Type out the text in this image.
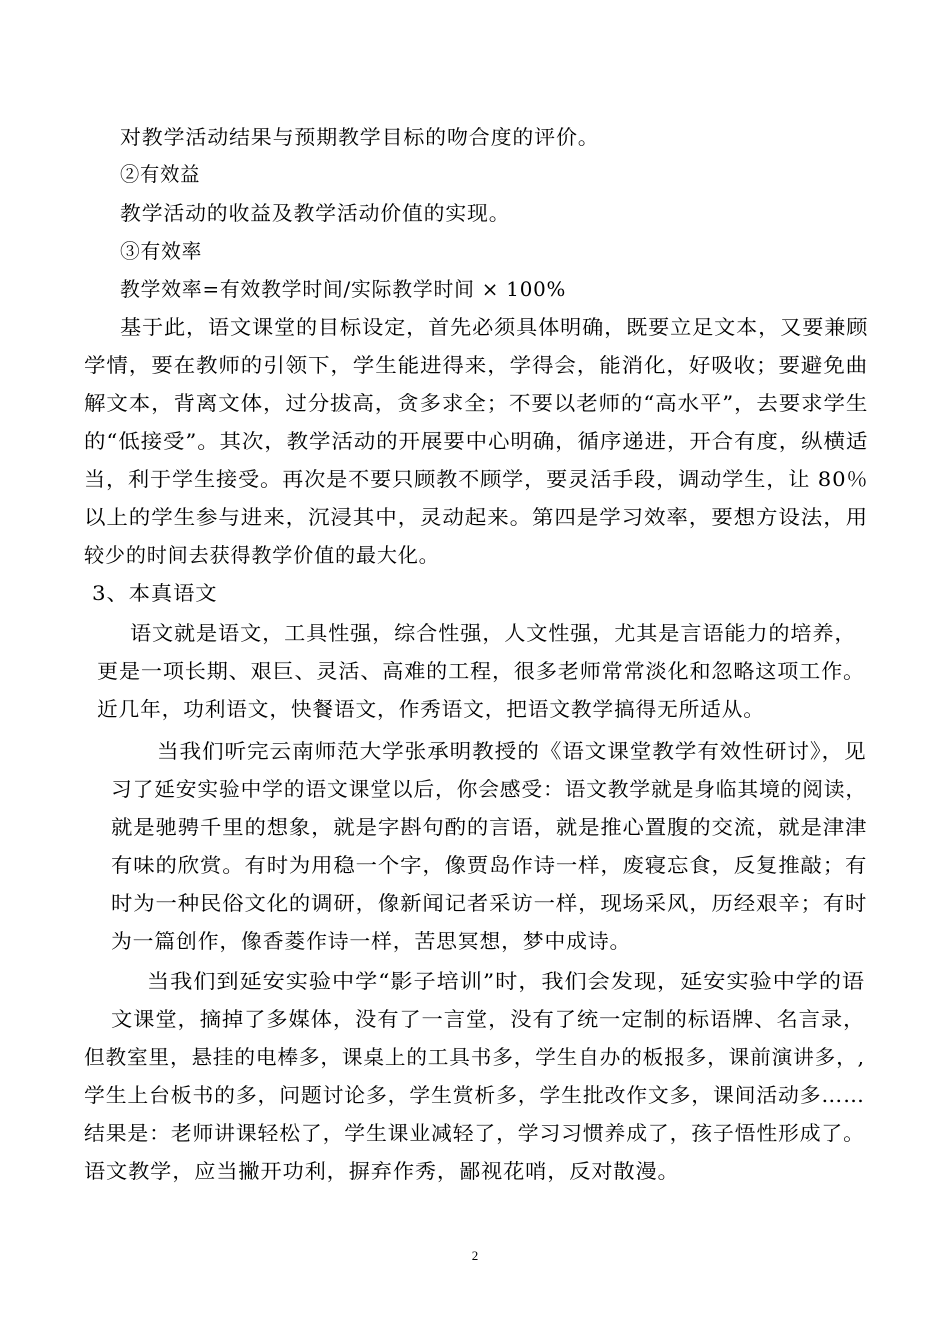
对教学活动结果与预期教学目标的吻合度的评价。
②有效益
教学活动的收益及教学活动价值的实现。
③有效率
教学效率=有效教学时间/实际教学时间 × 100%
基于此，语文课堂的目标设定，首先必须具体明确，既要立足文本，又要兼顾
学情，要在教师的引领下，学生能进得来，学得会，能消化，好吸收；要避免曲
解文本，背离文体，过分拔高，贪多求全；不要以老师的“高水平”，去要求学生
的“低接受”。其次，教学活动的开展要中心明确，循序递进，开合有度，纵横适
当，利于学生接受。再次是不要只顾教不顾学，要灵活手段，调动学生，让 80％
以上的学生参与进来，沉浸其中，灵动起来。第四是学习效率，要想方设法，用
较少的时间去获得教学价值的最大化。
3、本真语文
语文就是语文，工具性强，综合性强，人文性强，尤其是言语能力的培养，
更是一项长期、艰巨、灵活、高难的工程，很多老师常常淡化和忽略这项工作。
近几年，功利语文，快餐语文，作秀语文，把语文教学搞得无所适从。
当我们听完云南师范大学张承明教授的《语文课堂教学有效性研讨》，见
习了延安实验中学的语文课堂以后，你会感受：语文教学就是身临其境的阅读，
就是驰骋千里的想象，就是字斟句酌的言语，就是推心置腹的交流，就是津津
有味的欣赏。有时为用稳一个字，像贾岛作诗一样，废寝忘食，反复推敲；有
时为一种民俗文化的调研，像新闻记者采访一样，现场采风，历经艰辛；有时
为一篇创作，像香菱作诗一样，苦思冥想，梦中成诗。
当我们到延安实验中学“影子培训”时，我们会发现，延安实验中学的语
文课堂，摘掉了多媒体，没有了一言堂，没有了统一定制的标语牌、名言录，
但教室里，悬挂的电棒多，课桌上的工具书多，学生自办的板报多，课前演讲多，,
学生上台板书的多，问题讨论多，学生赏析多，学生批改作文多，课间活动多……
结果是：老师讲课轻松了，学生课业减轻了，学习习惯养成了，孩子悟性形成了。
语文教学，应当撇开功利，摒弃作秀，鄙视花哨，反对散漫。
2
